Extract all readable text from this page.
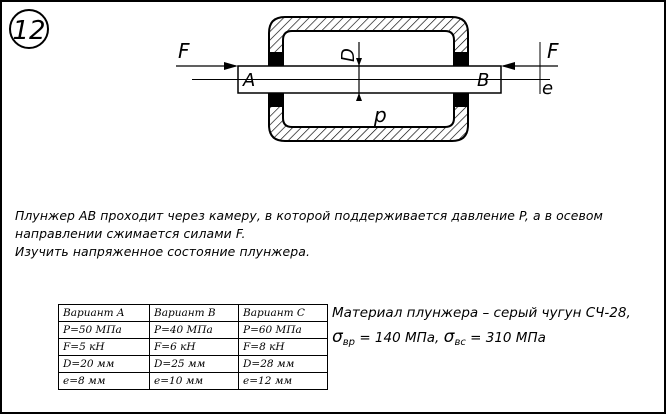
12
F	F
e
A	B
D
p

Плунжер AB проходит через камеру, в которой поддерживается давление P, а в осевом

направлении сжимается силами F.

Изучить напряженное состояние плунжера.

Вариант A	Вариант B	Вариант C
P=50 МПа	P=40 МПа	P=60 МПа
F=5 кН	F=6 кН	F=8 кН
D=20 мм	D=25 мм	D=28 мм
e=8 мм	e=10 мм	e=12 мм

Материал плунжера – серый чугун СЧ-28,

$\sigma_{вр} = 140$ МПа, $\sigma_{вс} = 310$ МПа
